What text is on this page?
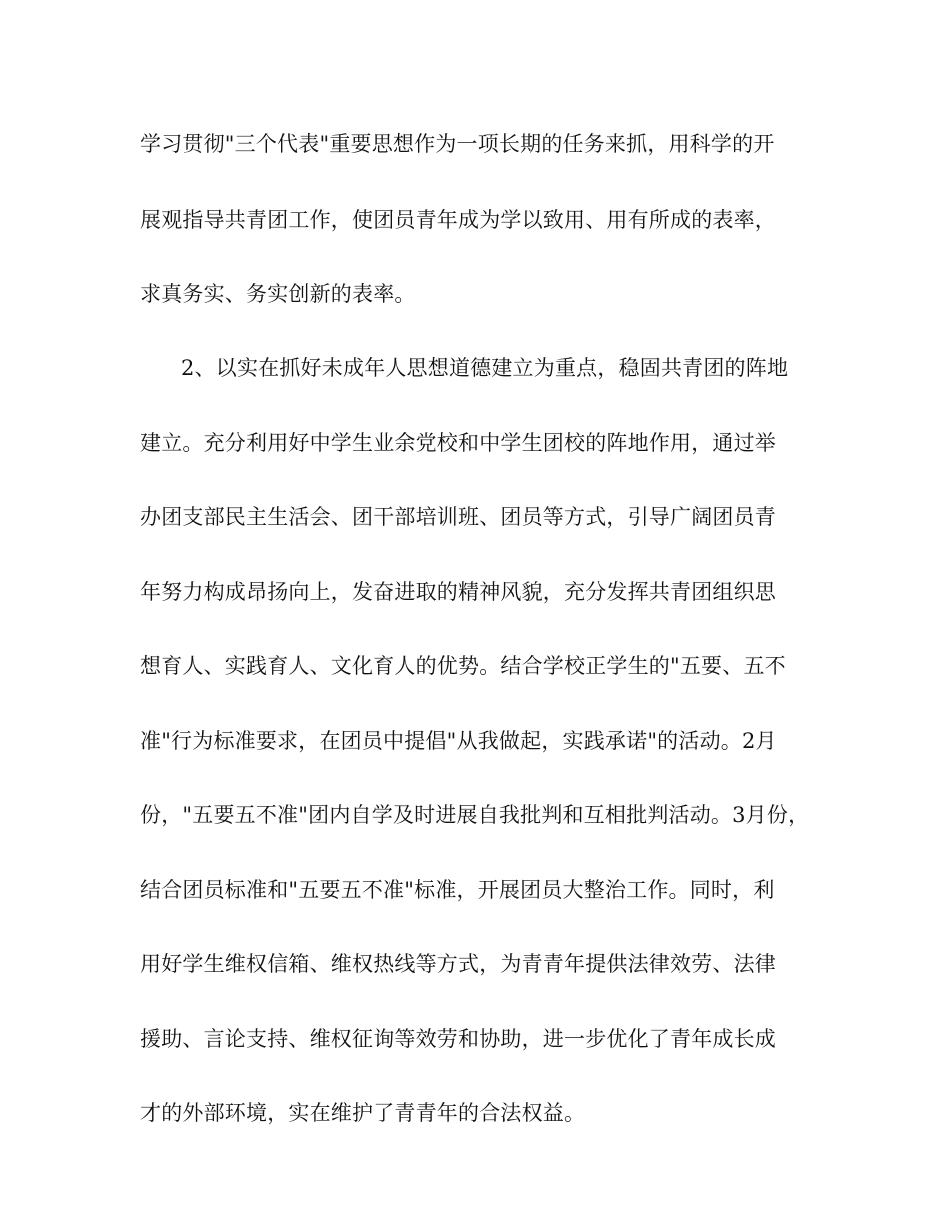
学习贯彻"三个代表"重要思想作为一项长期的任务来抓，用科学的开
展观指导共青团工作，使团员青年成为学以致用、用有所成的表率，
求真务实、务实创新的表率。
2、以实在抓好未成年人思想道德建立为重点，稳固共青团的阵地
建立。充分利用好中学生业余党校和中学生团校的阵地作用，通过举
办团支部民主生活会、团干部培训班、团员等方式，引导广阔团员青
年努力构成昂扬向上，发奋进取的精神风貌，充分发挥共青团组织思
想育人、实践育人、文化育人的优势。结合学校正学生的"五要、五不
准"行为标准要求，在团员中提倡"从我做起，实践承诺"的活动。2月
份，"五要五不准"团内自学及时进展自我批判和互相批判活动。3月份，
结合团员标准和"五要五不准"标准，开展团员大整治工作。同时，利
用好学生维权信箱、维权热线等方式，为青青年提供法律效劳、法律
援助、言论支持、维权征询等效劳和协助，进一步优化了青年成长成
才的外部环境，实在维护了青青年的合法权益。
